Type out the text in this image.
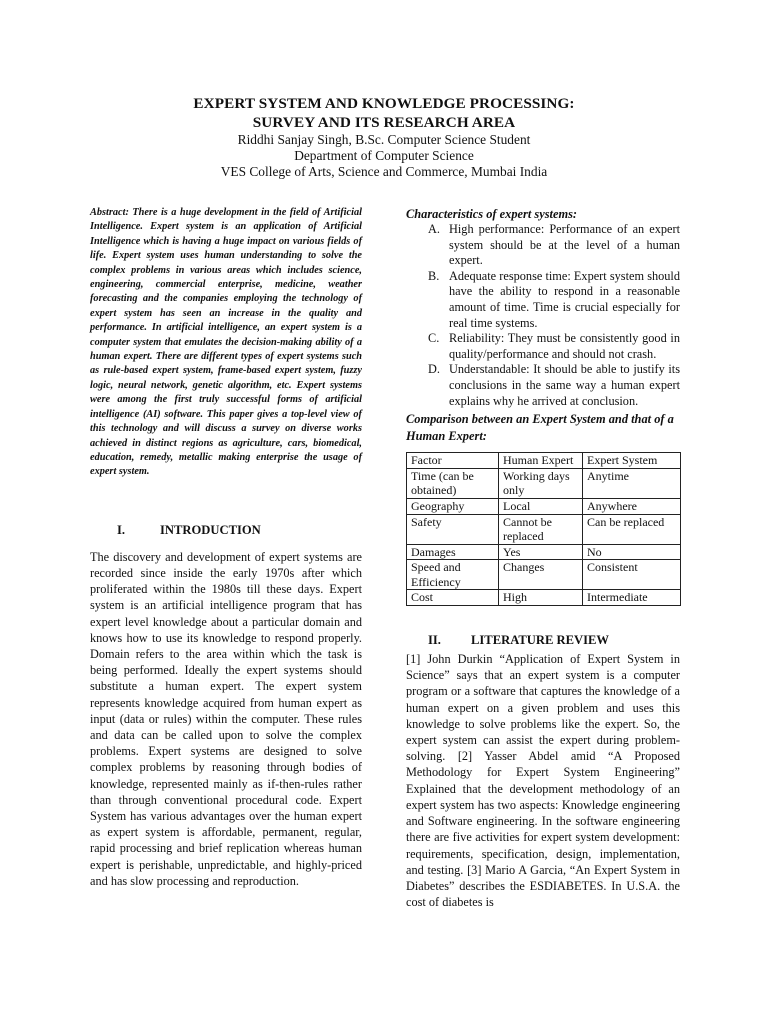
EXPERT SYSTEM AND KNOWLEDGE PROCESSING:
SURVEY AND ITS RESEARCH AREA
Riddhi Sanjay Singh, B.Sc. Computer Science Student
Department of Computer Science
VES College of Arts, Science and Commerce, Mumbai India

Abstract: There is a huge development in the field of Artificial Intelligence. Expert system is an application of Artificial Intelligence which is having a huge impact on various fields of life. Expert system uses human understanding to solve the complex problems in various areas which includes science, engineering, commercial enterprise, medicine, weather forecasting and the companies employing the technology of expert system has seen an increase in the quality and performance. In artificial intelligence, an expert system is a computer system that emulates the decision-making ability of a human expert. There are different types of expert systems such as rule-based expert system, frame-based expert system, fuzzy logic, neural network, genetic algorithm, etc. Expert systems were among the first truly successful forms of artificial intelligence (AI) software. This paper gives a top-level view of this technology and will discuss a survey on diverse works achieved in distinct regions as agriculture, cars, biomedical, education, remedy, metallic making enterprise the usage of expert system.

I.	INTRODUCTION

The discovery and development of expert systems are recorded since inside the early 1970s after which proliferated within the 1980s till these days. Expert system is an artificial intelligence program that has expert level knowledge about a particular domain and knows how to use its knowledge to respond properly. Domain refers to the area within which the task is being performed. Ideally the expert systems should substitute a human expert. The expert system represents knowledge acquired from human expert as input (data or rules) within the computer. These rules and data can be called upon to solve the complex problems. Expert systems are designed to solve complex problems by reasoning through bodies of knowledge, represented mainly as if-then-rules rather than through conventional procedural code. Expert System has various advantages over the human expert as expert system is affordable, permanent, regular, rapid processing and brief replication whereas human expert is perishable, unpredictable, and highly-priced and has slow processing and reproduction.

Characteristics of expert systems:

A. High performance: Performance of an expert system should be at the level of a human expert.
B. Adequate response time: Expert system should have the ability to respond in a reasonable amount of time. Time is crucial especially for real time systems.
C. Reliability: They must be consistently good in quality/performance and should not crash.
D. Understandable: It should be able to justify its conclusions in the same way a human expert explains why he arrived at conclusion.

Comparison between an Expert System and that of a Human Expert:

Factor	Human Expert	Expert System
Time (can be obtained)	Working days only	Anytime
Geography	Local	Anywhere
Safety	Cannot be replaced	Can be replaced
Damages	Yes	No
Speed and Efficiency	Changes	Consistent
Cost	High	Intermediate
II. LITERATURE REVIEW

[1] John Durkin “Application of Expert System in Science” says that an expert system is a computer program or a software that captures the knowledge of a human expert on a given problem and uses this knowledge to solve problems like the expert. So, the expert system can assist the expert during problem-solving. [2] Yasser Abdel amid “A Proposed Methodology for Expert System Engineering” Explained that the development methodology of an expert system has two aspects: Knowledge engineering and Software engineering. In the software engineering there are five activities for expert system development: requirements, specification, design, implementation, and testing. [3] Mario A Garcia, “An Expert System in Diabetes” describes the ESDIABETES. In U.S.A. the cost of diabetes is
